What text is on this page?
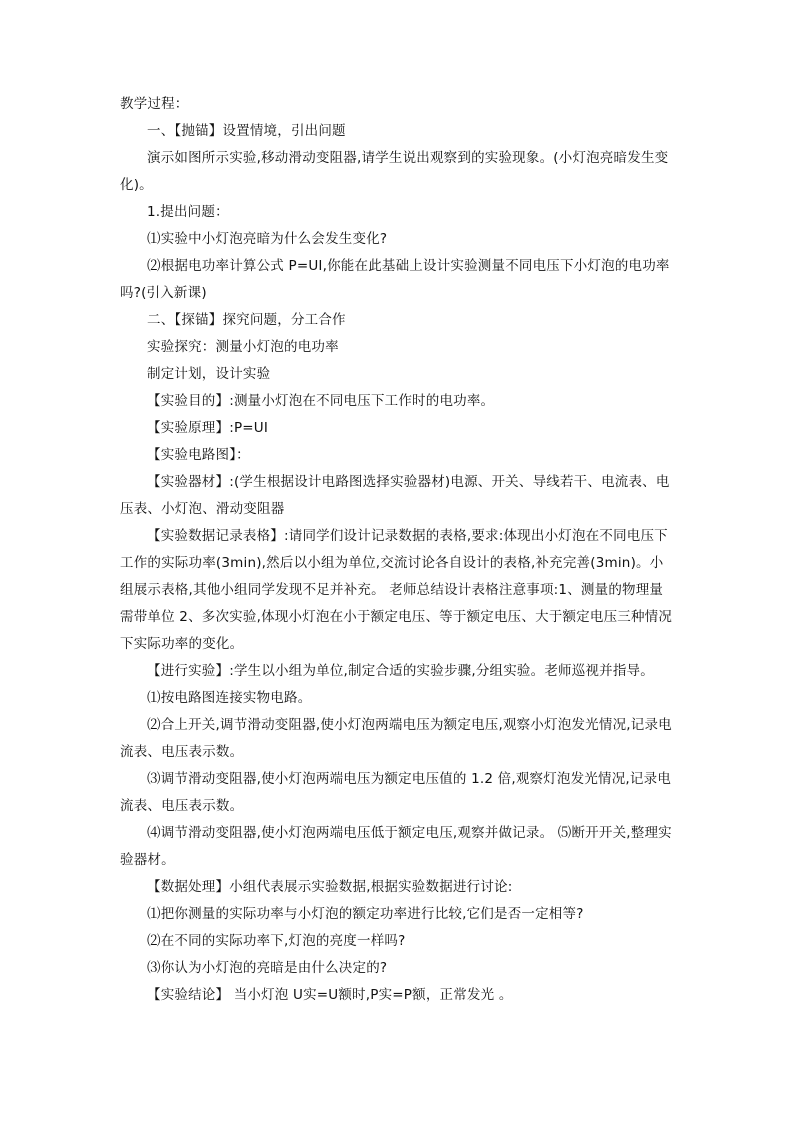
教学过程：

一、【抛锚】设置情境，引出问题

演示如图所示实验,移动滑动变阻器,请学生说出观察到的实验现象。(小灯泡亮暗发生变化)。

1.提出问题：

⑴实验中小灯泡亮暗为什么会发生变化?

⑵根据电功率计算公式 P=UI,你能在此基础上设计实验测量不同电压下小灯泡的电功率吗?(引入新课)

二、【探锚】探究问题，分工合作

实验探究：测量小灯泡的电功率

制定计划，设计实验

【实验目的】:测量小灯泡在不同电压下工作时的电功率。

【实验原理】:P=UI

【实验电路图】：

【实验器材】:(学生根据设计电路图选择实验器材)电源、开关、导线若干、电流表、电压表、小灯泡、滑动变阻器

【实验数据记录表格】:请同学们设计记录数据的表格,要求:体现出小灯泡在不同电压下工作的实际功率(3min),然后以小组为单位,交流讨论各自设计的表格,补充完善(3min)。小组展示表格,其他小组同学发现不足并补充。 老师总结设计表格注意事项:1、测量的物理量需带单位 2、多次实验,体现小灯泡在小于额定电压、等于额定电压、大于额定电压三种情况下实际功率的变化。

【进行实验】:学生以小组为单位,制定合适的实验步骤,分组实验。老师巡视并指导。

⑴按电路图连接实物电路。

⑵合上开关,调节滑动变阻器,使小灯泡两端电压为额定电压,观察小灯泡发光情况,记录电流表、电压表示数。

⑶调节滑动变阻器,使小灯泡两端电压为额定电压值的 1.2 倍,观察灯泡发光情况,记录电流表、电压表示数。

⑷调节滑动变阻器,使小灯泡两端电压低于额定电压,观察并做记录。 ⑸断开开关,整理实验器材。

【数据处理】小组代表展示实验数据,根据实验数据进行讨论:

⑴把你测量的实际功率与小灯泡的额定功率进行比较,它们是否一定相等?

⑵在不同的实际功率下,灯泡的亮度一样吗?

⑶你认为小灯泡的亮暗是由什么决定的?

【实验结论】 当小灯泡 U实=U额时,P实=P额，正常发光 。
